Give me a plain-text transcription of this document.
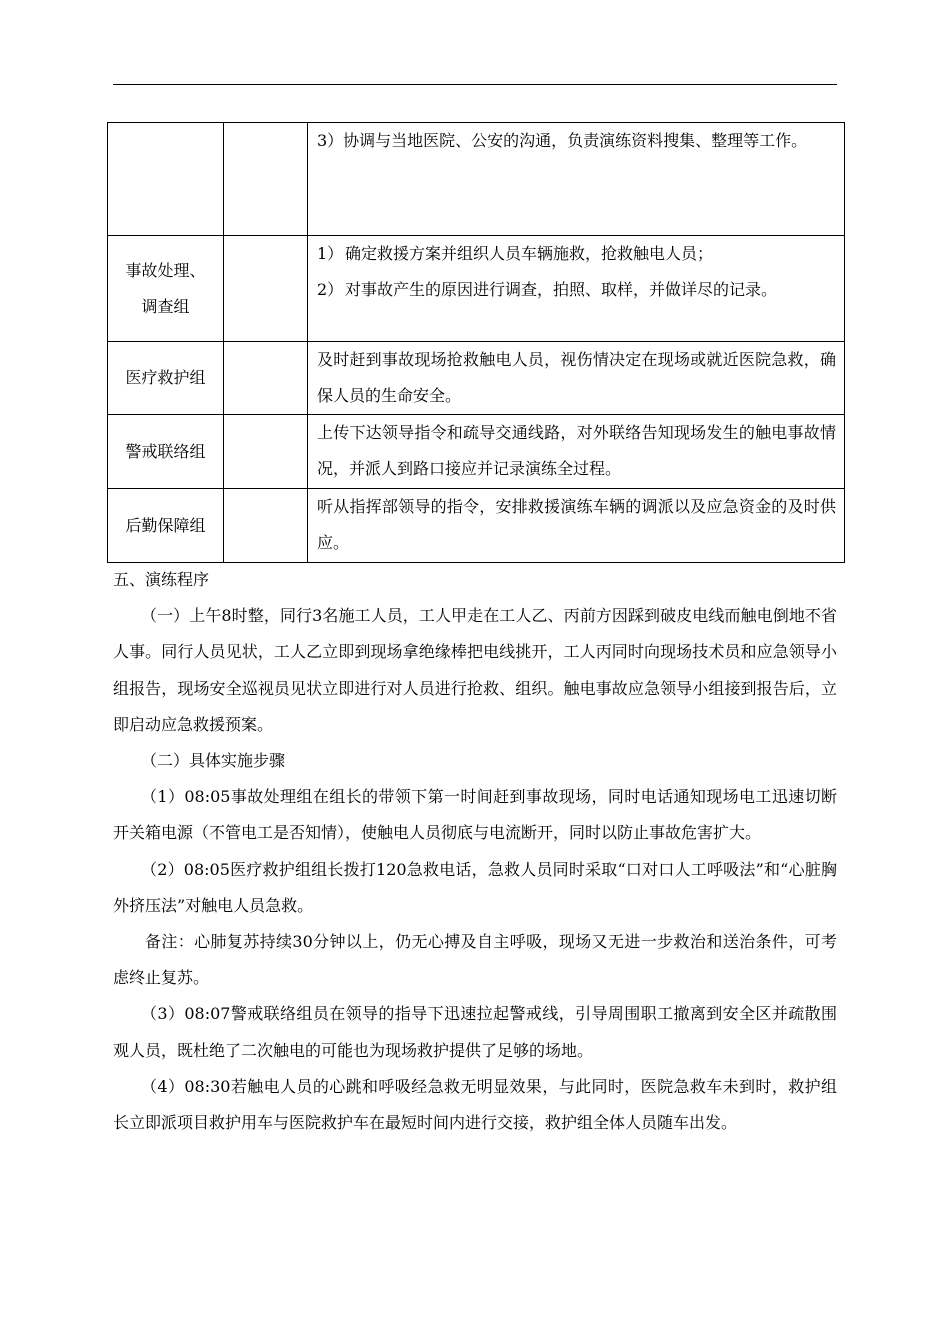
		3）协调与当地医院、公安的沟通，负责演练资料搜集、整理等工作。

事故处理、
调查组		1） 确定救援方案并组织人员车辆施救，抢救触电人员；
2） 对事故产生的原因进行调查，拍照、取样，并做详尽的记录。

医疗救护组		及时赶到事故现场抢救触电人员，视伤情决定在现场或就近医院急救，确保人员的生命安全。

警戒联络组		上传下达领导指令和疏导交通线路，对外联络告知现场发生的触电事故情况，并派人到路口接应并记录演练全过程。

后勤保障组		听从指挥部领导的指令，安排救援演练车辆的调派以及应急资金的及时供应。

五、演练程序

（一）上午8时整，同行3名施工人员，工人甲走在工人乙、丙前方因踩到破皮电线而触电倒地不省人事。同行人员见状，工人乙立即到现场拿绝缘棒把电线挑开，工人丙同时向现场技术员和应急领导小组报告，现场安全巡视员见状立即进行对人员进行抢救、组织。触电事故应急领导小组接到报告后，立即启动应急救援预案。

（二）具体实施步骤

（1）08:05事故处理组在组长的带领下第一时间赶到事故现场，同时电话通知现场电工迅速切断开关箱电源（不管电工是否知情），使触电人员彻底与电流断开，同时以防止事故危害扩大。

（2）08:05医疗救护组组长拨打120急救电话，急救人员同时采取“口对口人工呼吸法”和“心脏胸外挤压法”对触电人员急救。

备注：心肺复苏持续30分钟以上，仍无心搏及自主呼吸，现场又无进一步救治和送治条件，可考虑终止复苏。

（3）08:07警戒联络组员在领导的指导下迅速拉起警戒线，引导周围职工撤离到安全区并疏散围观人员，既杜绝了二次触电的可能也为现场救护提供了足够的场地。

（4）08:30若触电人员的心跳和呼吸经急救无明显效果，与此同时，医院急救车未到时，救护组长立即派项目救护用车与医院救护车在最短时间内进行交接，救护组全体人员随车出发。
